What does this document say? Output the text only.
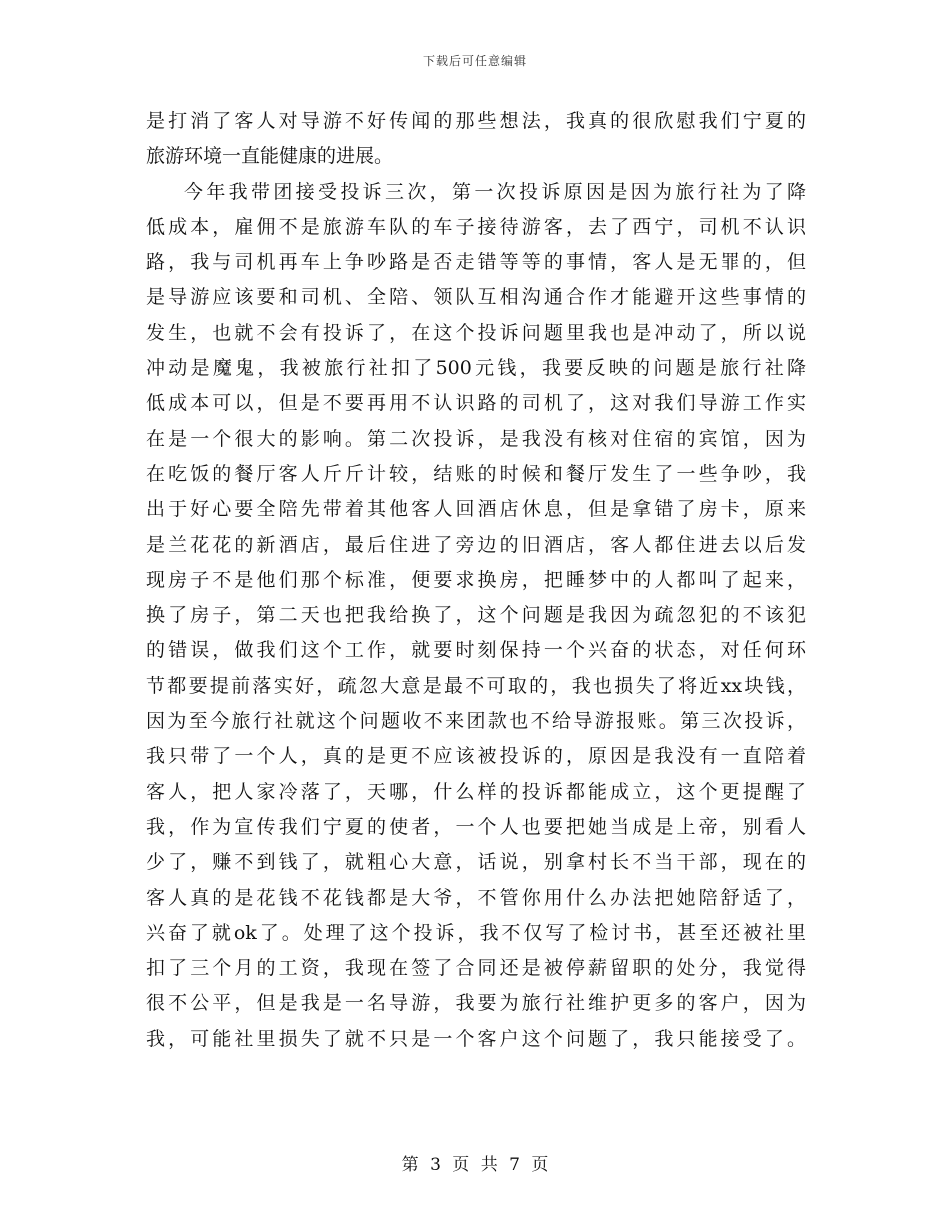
下载后可任意编辑
是打消了客人对导游不好传闻的那些想法，我真的很欣慰我们宁夏的
旅游环境一直能健康的进展。
今年我带团接受投诉三次，第一次投诉原因是因为旅行社为了降
低成本，雇佣不是旅游车队的车子接待游客，去了西宁，司机不认识
路，我与司机再车上争吵路是否走错等等的事情，客人是无罪的，但
是导游应该要和司机、全陪、领队互相沟通合作才能避开这些事情的
发生，也就不会有投诉了，在这个投诉问题里我也是冲动了，所以说
冲动是魔鬼，我被旅行社扣了500元钱，我要反映的问题是旅行社降
低成本可以，但是不要再用不认识路的司机了，这对我们导游工作实
在是一个很大的影响。第二次投诉，是我没有核对住宿的宾馆，因为
在吃饭的餐厅客人斤斤计较，结账的时候和餐厅发生了一些争吵，我
出于好心要全陪先带着其他客人回酒店休息，但是拿错了房卡，原来
是兰花花的新酒店，最后住进了旁边的旧酒店，客人都住进去以后发
现房子不是他们那个标准，便要求换房，把睡梦中的人都叫了起来，
换了房子，第二天也把我给换了，这个问题是我因为疏忽犯的不该犯
的错误，做我们这个工作，就要时刻保持一个兴奋的状态，对任何环
节都要提前落实好，疏忽大意是最不可取的，我也损失了将近xx块钱，
因为至今旅行社就这个问题收不来团款也不给导游报账。第三次投诉，
我只带了一个人，真的是更不应该被投诉的，原因是我没有一直陪着
客人，把人家冷落了，天哪，什么样的投诉都能成立，这个更提醒了
我，作为宣传我们宁夏的使者，一个人也要把她当成是上帝，别看人
少了，赚不到钱了，就粗心大意，话说，别拿村长不当干部，现在的
客人真的是花钱不花钱都是大爷，不管你用什么办法把她陪舒适了，
兴奋了就ok了。处理了这个投诉，我不仅写了检讨书，甚至还被社里
扣了三个月的工资，我现在签了合同还是被停薪留职的处分，我觉得
很不公平，但是我是一名导游，我要为旅行社维护更多的客户，因为
我，可能社里损失了就不只是一个客户这个问题了，我只能接受了。
第 3 页 共 7 页
